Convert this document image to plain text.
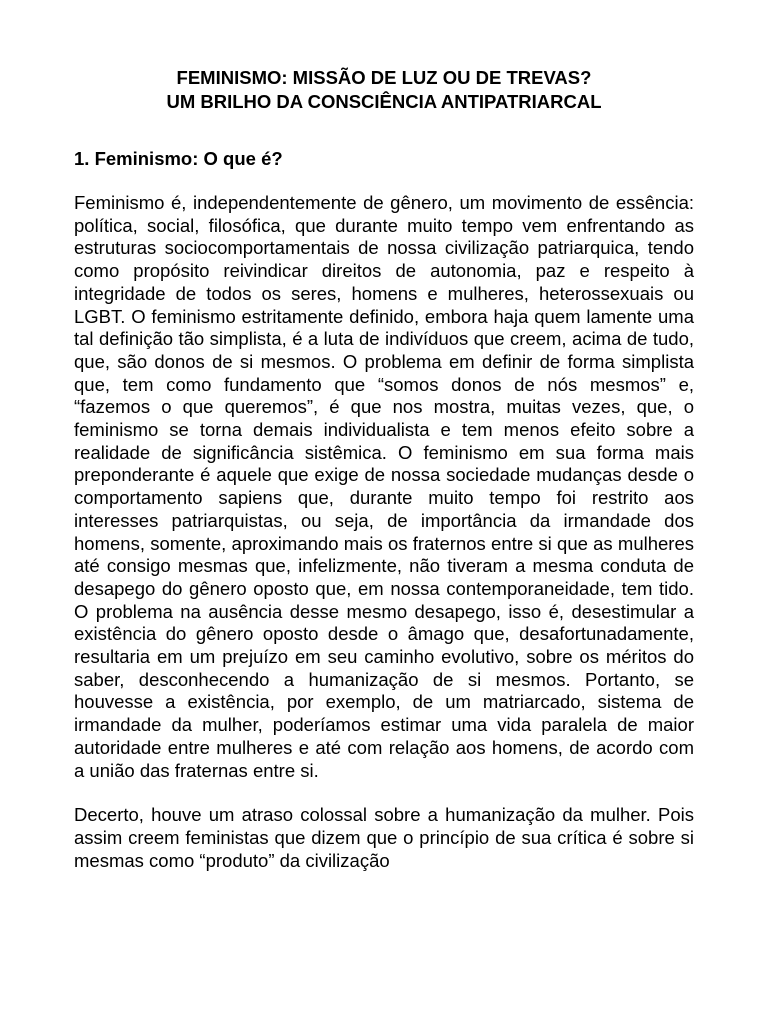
FEMINISMO: MISSÃO DE LUZ OU DE TREVAS?
UM BRILHO DA CONSCIÊNCIA ANTIPATRIARCAL
1. Feminismo: O que é?

Feminismo é, independentemente de gênero, um movimento de essência: política, social, filosófica, que durante muito tempo vem enfrentando as estruturas sociocomportamentais de nossa civilização patriarquica, tendo como propósito reivindicar direitos de autonomia, paz e respeito à integridade de todos os seres, homens e mulheres, heterossexuais ou LGBT. O feminismo estritamente definido, embora haja quem lamente uma tal definição tão simplista, é a luta de indivíduos que creem, acima de tudo, que, são donos de si mesmos. O problema em definir de forma simplista que, tem como fundamento que “somos donos de nós mesmos” e, “fazemos o que queremos”, é que nos mostra, muitas vezes, que, o feminismo se torna demais individualista e tem menos efeito sobre a realidade de significância sistêmica. O feminismo em sua forma mais preponderante é aquele que exige de nossa sociedade mudanças desde o comportamento sapiens que, durante muito tempo foi restrito aos interesses patriarquistas, ou seja, de importância da irmandade dos homens, somente, aproximando mais os fraternos entre si que as mulheres até consigo mesmas que, infelizmente, não tiveram a mesma conduta de desapego do gênero oposto que, em nossa contemporaneidade, tem tido. O problema na ausência desse mesmo desapego, isso é, desestimular a existência do gênero oposto desde o âmago que, desafortunadamente, resultaria em um prejuízo em seu caminho evolutivo, sobre os méritos do saber, desconhecendo a humanização de si mesmos. Portanto, se houvesse a existência, por exemplo, de um matriarcado, sistema de irmandade da mulher, poderíamos estimar uma vida paralela de maior autoridade entre mulheres e até com relação aos homens, de acordo com a união das fraternas entre si.

Decerto, houve um atraso colossal sobre a humanização da mulher. Pois assim creem feministas que dizem que o princípio de sua crítica é sobre si mesmas como “produto” da civilização
